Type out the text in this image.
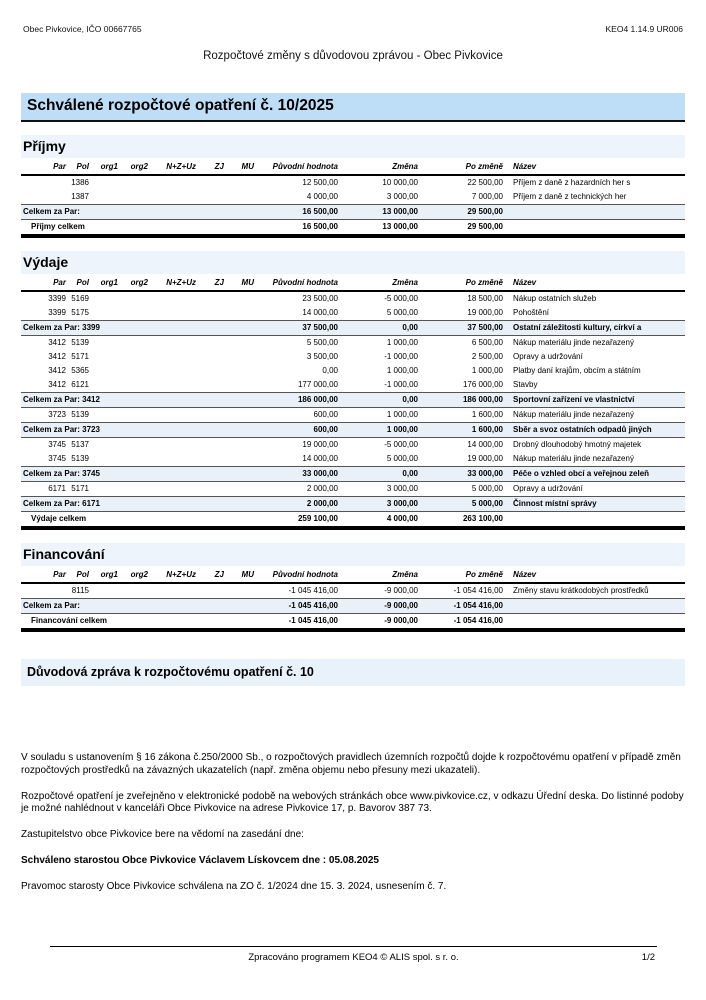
Obec Pivkovice, IČO 00667765	KEO4 1.14.9 UR006
Rozpočtové změny s důvodovou zprávou - Obec Pivkovice
Schválené rozpočtové opatření č. 10/2025
Příjmy
Par	Pol	org1	org2	N+Z+Uz	ZJ	MU	Původní hodnota	Změna	Po změně	Název
	1386						12 500,00	10 000,00	22 500,00	Příjem z daně z hazardních her s
	1387						4 000,00	3 000,00	7 000,00	Příjem z daně z technických her
Celkem za Par:							16 500,00	13 000,00	29 500,00	
Příjmy celkem							16 500,00	13 000,00	29 500,00	
Výdaje
Par	Pol	org1	org2	N+Z+Uz	ZJ	MU	Původní hodnota	Změna	Po změně	Název
3399	5169						23 500,00	-5 000,00	18 500,00	Nákup ostatních služeb
3399	5175						14 000,00	5 000,00	19 000,00	Pohoštění
Celkem za Par: 3399							37 500,00	0,00	37 500,00	Ostatní záležitosti kultury, církví a
3412	5139						5 500,00	1 000,00	6 500,00	Nákup materiálu jinde nezařazený
3412	5171						3 500,00	-1 000,00	2 500,00	Opravy a udržování
3412	5365						0,00	1 000,00	1 000,00	Platby daní krajům, obcím a státním
3412	6121						177 000,00	-1 000,00	176 000,00	Stavby
Celkem za Par: 3412							186 000,00	0,00	186 000,00	Sportovní zařízení ve vlastnictví
3723	5139						600,00	1 000,00	1 600,00	Nákup materiálu jinde nezařazený
Celkem za Par: 3723							600,00	1 000,00	1 600,00	Sběr a svoz ostatních odpadů jiných
3745	5137						19 000,00	-5 000,00	14 000,00	Drobný dlouhodobý hmotný majetek
3745	5139						14 000,00	5 000,00	19 000,00	Nákup materiálu jinde nezařazený
Celkem za Par: 3745							33 000,00	0,00	33 000,00	Péče o vzhled obcí a veřejnou zeleň
6171	5171						2 000,00	3 000,00	5 000,00	Opravy a udržování
Celkem za Par: 6171							2 000,00	3 000,00	5 000,00	Činnost místní správy
Výdaje celkem							259 100,00	4 000,00	263 100,00	
Financování
Par	Pol	org1	org2	N+Z+Uz	ZJ	MU	Původní hodnota	Změna	Po změně	Název
	8115						-1 045 416,00	-9 000,00	-1 054 416,00	Změny stavu krátkodobých prostředků
Celkem za Par:							-1 045 416,00	-9 000,00	-1 054 416,00	
Financování celkem							-1 045 416,00	-9 000,00	-1 054 416,00	
Důvodová zpráva k rozpočtovému opatření č. 10

V souladu s ustanovením § 16 zákona č.250/2000 Sb., o rozpočtových pravidlech územních rozpočtů dojde k rozpočtovému opatření v případě změn rozpočtových prostředků na závazných ukazatelích (např. změna objemu nebo přesuny mezi ukazateli).

Rozpočtové opatření je zveřejněno v elektronické podobě na webových stránkách obce www.pivkovice.cz, v odkazu Úřední deska. Do listinné podoby je možné nahlédnout v kanceláři Obce Pivkovice na adrese Pivkovice 17, p. Bavorov 387 73.

Zastupitelstvo obce Pivkovice bere na vědomí na zasedání dne:

Schváleno starostou Obce Pivkovice Václavem Lískovcem dne : 05.08.2025

Pravomoc starosty Obce Pivkovice schválena na ZO č. 1/2024 dne 15. 3. 2024, usnesením č. 7.

Zpracováno programem KEO4 © ALIS spol. s r. o.	1/2
